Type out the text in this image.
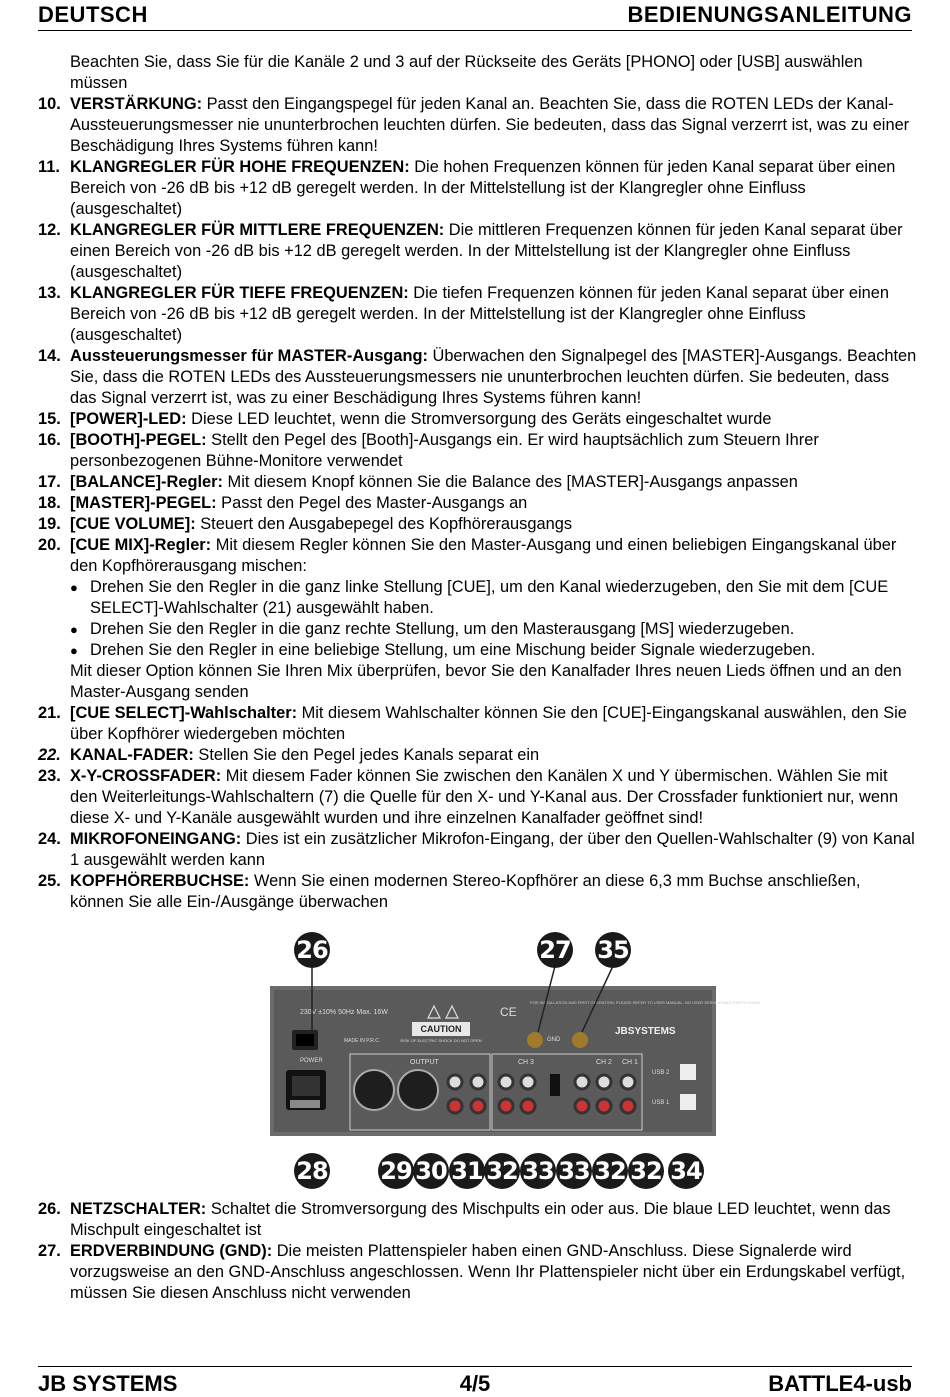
DEUTSCH	BEDIENUNGSANLEITUNG

Beachten Sie, dass Sie für die Kanäle 2 und 3 auf der Rückseite des Geräts [PHONO] oder [USB] auswählen müssen

10. VERSTÄRKUNG: Passt den Eingangspegel für jeden Kanal an. Beachten Sie, dass die ROTEN LEDs der Kanal-Aussteuerungsmesser nie ununterbrochen leuchten dürfen. Sie bedeuten, dass das Signal verzerrt ist, was zu einer Beschädigung Ihres Systems führen kann!
11. KLANGREGLER FÜR HOHE FREQUENZEN: Die hohen Frequenzen können für jeden Kanal separat über einen Bereich von -26 dB bis +12 dB geregelt werden. In der Mittelstellung ist der Klangregler ohne Einfluss (ausgeschaltet)
12. KLANGREGLER FÜR MITTLERE FREQUENZEN: Die mittleren Frequenzen können für jeden Kanal separat über einen Bereich von -26 dB bis +12 dB geregelt werden. In der Mittelstellung ist der Klangregler ohne Einfluss (ausgeschaltet)
13. KLANGREGLER FÜR TIEFE FREQUENZEN: Die tiefen Frequenzen können für jeden Kanal separat über einen Bereich von -26 dB bis +12 dB geregelt werden. In der Mittelstellung ist der Klangregler ohne Einfluss (ausgeschaltet)
14. Aussteuerungsmesser für MASTER-Ausgang: Überwachen den Signalpegel des [MASTER]-Ausgangs. Beachten Sie, dass die ROTEN LEDs des Aussteuerungsmessers nie ununterbrochen leuchten dürfen. Sie bedeuten, dass das Signal verzerrt ist, was zu einer Beschädigung Ihres Systems führen kann!
15. [POWER]-LED: Diese LED leuchtet, wenn die Stromversorgung des Geräts eingeschaltet wurde
16. [BOOTH]-PEGEL: Stellt den Pegel des [Booth]-Ausgangs ein. Er wird hauptsächlich zum Steuern Ihrer personbezogenen Bühne-Monitore verwendet
17. [BALANCE]-Regler: Mit diesem Knopf können Sie die Balance des [MASTER]-Ausgangs anpassen
18. [MASTER]-PEGEL: Passt den Pegel des Master-Ausgangs an
19. [CUE VOLUME]: Steuert den Ausgabepegel des Kopfhörerausgangs
20. [CUE MIX]-Regler: Mit diesem Regler können Sie den Master-Ausgang und einen beliebigen Eingangskanal über den Kopfhörerausgang mischen:
● Drehen Sie den Regler in die ganz linke Stellung [CUE], um den Kanal wiederzugeben, den Sie mit dem [CUE SELECT]-Wahlschalter (21) ausgewählt haben.
● Drehen Sie den Regler in die ganz rechte Stellung, um den Masterausgang [MS] wiederzugeben.
● Drehen Sie den Regler in eine beliebige Stellung, um eine Mischung beider Signale wiederzugeben.

Mit dieser Option können Sie Ihren Mix überprüfen, bevor Sie den Kanalfader Ihres neuen Lieds öffnen und an den Master-Ausgang senden

21. [CUE SELECT]-Wahlschalter: Mit diesem Wahlschalter können Sie den [CUE]-Eingangskanal auswählen, den Sie über Kopfhörer wiedergeben möchten
22. KANAL-FADER: Stellen Sie den Pegel jedes Kanals separat ein
23. X-Y-CROSSFADER: Mit diesem Fader können Sie zwischen den Kanälen X und Y übermischen. Wählen Sie mit den Weiterleitungs-Wahlschaltern (7) die Quelle für den X- und Y-Kanal aus. Der Crossfader funktioniert nur, wenn diese X- und Y-Kanäle ausgewählt wurden und ihre einzelnen Kanalfader geöffnet sind!
24. MIKROFONEINGANG: Dies ist ein zusätzlicher Mikrofon-Eingang, der über den Quellen-Wahlschalter (9) von Kanal 1 ausgewählt werden kann
25. KOPFHÖRERBUCHSE: Wenn Sie einen modernen Stereo-Kopfhörer an diese 6,3 mm Buchse anschließen, können Sie alle Ein-/Ausgänge überwachen
230V ±10% 50Hz Max. 16W
CAUTION
RISK OF ELECTRIC SHOCK DO NOT OPEN
CE
MADE IN P.R.C.
JBSYSTEMS
FOR INSTALLATION AND FIRST OPERATION, PLEASE REFER TO USER MANUAL. NO USER SERVICEABLE PARTS INSIDE.
POWER	OUTPUT	CH 3	CH 2 CH 1
GND
USB 2
USB 1
26	27 35
28 29 30 31 32 33 33 32 32 34
26. NETZSCHALTER: Schaltet die Stromversorgung des Mischpults ein oder aus. Die blaue LED leuchtet, wenn das Mischpult eingeschaltet ist
27. ERDVERBINDUNG (GND): Die meisten Plattenspieler haben einen GND-Anschluss. Diese Signalerde wird vorzugsweise an den GND-Anschluss angeschlossen. Wenn Ihr Plattenspieler nicht über ein Erdungskabel verfügt, müssen Sie diesen Anschluss nicht verwenden
JB SYSTEMS	4/5	BATTLE4-usb
